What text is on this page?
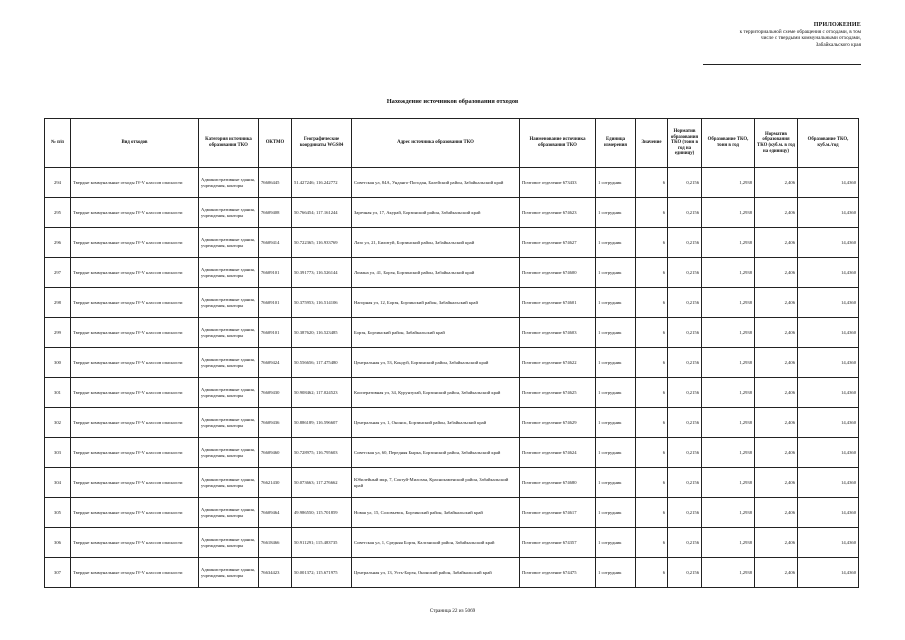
ПРИЛОЖЕНИЕ
к территориальной схеме обращения с отходами, в том
числе с твердыми коммунальными отходами,
Забайкальского края
Нахождение источников образования отходов
№ п/п	Вид отходов	Категория источника образования ТКО	ОКТМО	Географические координаты WGS84	Адрес источника образования ТКО	Наименование источника образования ТКО	Единица измерения	Значение	Норматив образования ТКО (тонн в год на единицу)	Образование ТКО, тонн в год	Норматив образования ТКО (куб.м. в год на единицу)	Образование ТКО, куб.м./год
294	Твердые коммунальные отходы IV-V классов опасности	Административные здания, учреждения, конторы	76606445	51.427246; 116.242772	Советская ул, 84А, Унданго-Погодан, Балейский район, Забайкальский край	Почтовое отделение 673433	1 сотрудник	6	0,2156	1,2938	2,406	14,4360
295	Твердые коммунальные отходы IV-V классов опасности	Административные здания, учреждения, конторы	76609408	50.766454; 117.161244	Заречная ул, 17, Акурай, Борзинский район, Забайкальский край	Почтовое отделение 674623	1 сотрудник	6	0,2156	1,2938	2,406	14,4360
296	Твердые коммунальные отходы IV-V классов опасности	Административные здания, учреждения, конторы	76609414	50.722365; 116.933769	Лазо ул, 21, Билитуй, Борзинский район, Забайкальский край	Почтовое отделение 674627	1 сотрудник	6	0,2156	1,2938	2,406	14,4360
297	Твердые коммунальные отходы IV-V классов опасности	Административные здания, учреждения, конторы	76609101	50.391773; 116.526144	Ломана ул, 41, Борзя, Борзинский район, Забайкальский край	Почтовое отделение 674600	1 сотрудник	6	0,2156	1,2938	2,406	14,4360
298	Твердые коммунальные отходы IV-V классов опасности	Административные здания, учреждения, конторы	76609101	50.375953; 116.514106	Нагорная ул, 12, Борзя, Борзинский район, Забайкальский край	Почтовое отделение 674601	1 сотрудник	6	0,2156	1,2938	2,406	14,4360
299	Твердые коммунальные отходы IV-V классов опасности	Административные здания, учреждения, конторы	76609101	50.387620; 116.523485	Борзя, Борзинский район, Забайкальский край	Почтовое отделение 674603	1 сотрудник	6	0,2156	1,2938	2,406	14,4360
300	Твердые коммунальные отходы IV-V классов опасности	Административные здания, учреждения, конторы	76609424	50.556656; 117.475480	Центральная ул, 53, Кондуй, Борзинский район, Забайкальский край	Почтовое отделение 674622	1 сотрудник	6	0,2156	1,2938	2,406	14,4360
301	Твердые коммунальные отходы IV-V классов опасности	Административные здания, учреждения, конторы	76609430	50.908462; 117.024523	Кооперативная ул, 34, Курунзулай, Борзинский район, Забайкальский край	Почтовое отделение 674625	1 сотрудник	6	0,2156	1,2938	2,406	14,4360
302	Твердые коммунальные отходы IV-V классов опасности	Административные здания, учреждения, конторы	76609436	50.886189; 116.596607	Центральная ул, 1, Ононск, Борзинский район, Забайкальский край	Почтовое отделение 674629	1 сотрудник	6	0,2156	1,2938	2,406	14,4360
303	Твердые коммунальные отходы IV-V классов опасности	Административные здания, учреждения, конторы	76609460	50.728975; 116.795603	Советская ул, 60, Передняя Бырка, Борзинский район, Забайкальский край	Почтовое отделение 674624	1 сотрудник	6	0,2156	1,2938	2,406	14,4360
304	Твердые коммунальные отходы IV-V классов опасности	Административные здания, учреждения, конторы	76621430	50.073663; 117.276662	Юбилейный мкр, 7, Соктуй-Милозан, Краснокаменский район, Забайкальский край	Почтовое отделение 674680	1 сотрудник	6	0,2156	1,2938	2,406	14,4360
305	Твердые коммунальные отходы IV-V классов опасности	Административные здания, учреждения, конторы	76609464	49.986550; 115.701859	Новая ул, 15, Соловьевск, Борзинский район, Забайкальский край	Почтовое отделение 674617	1 сотрудник	6	0,2156	1,2938	2,406	14,4360
306	Твердые коммунальные отходы IV-V классов опасности	Административные здания, учреждения, конторы	76618466	50.911291; 115.483735	Советская ул, 1, Средняя Борзя, Калганский район, Забайкальский край	Почтовое отделение 674357	1 сотрудник	6	0,2156	1,2938	2,406	14,4360
307	Твердые коммунальные отходы IV-V классов опасности	Административные здания, учреждения, конторы	76634423	50.001372; 115.671975	Центральная ул, 13, Усть-Борзя, Ононский район, Забайкальский край	Почтовое отделение 674475	1 сотрудник	6	0,2156	1,2938	2,406	14,4360
Страница 22 из 5069
